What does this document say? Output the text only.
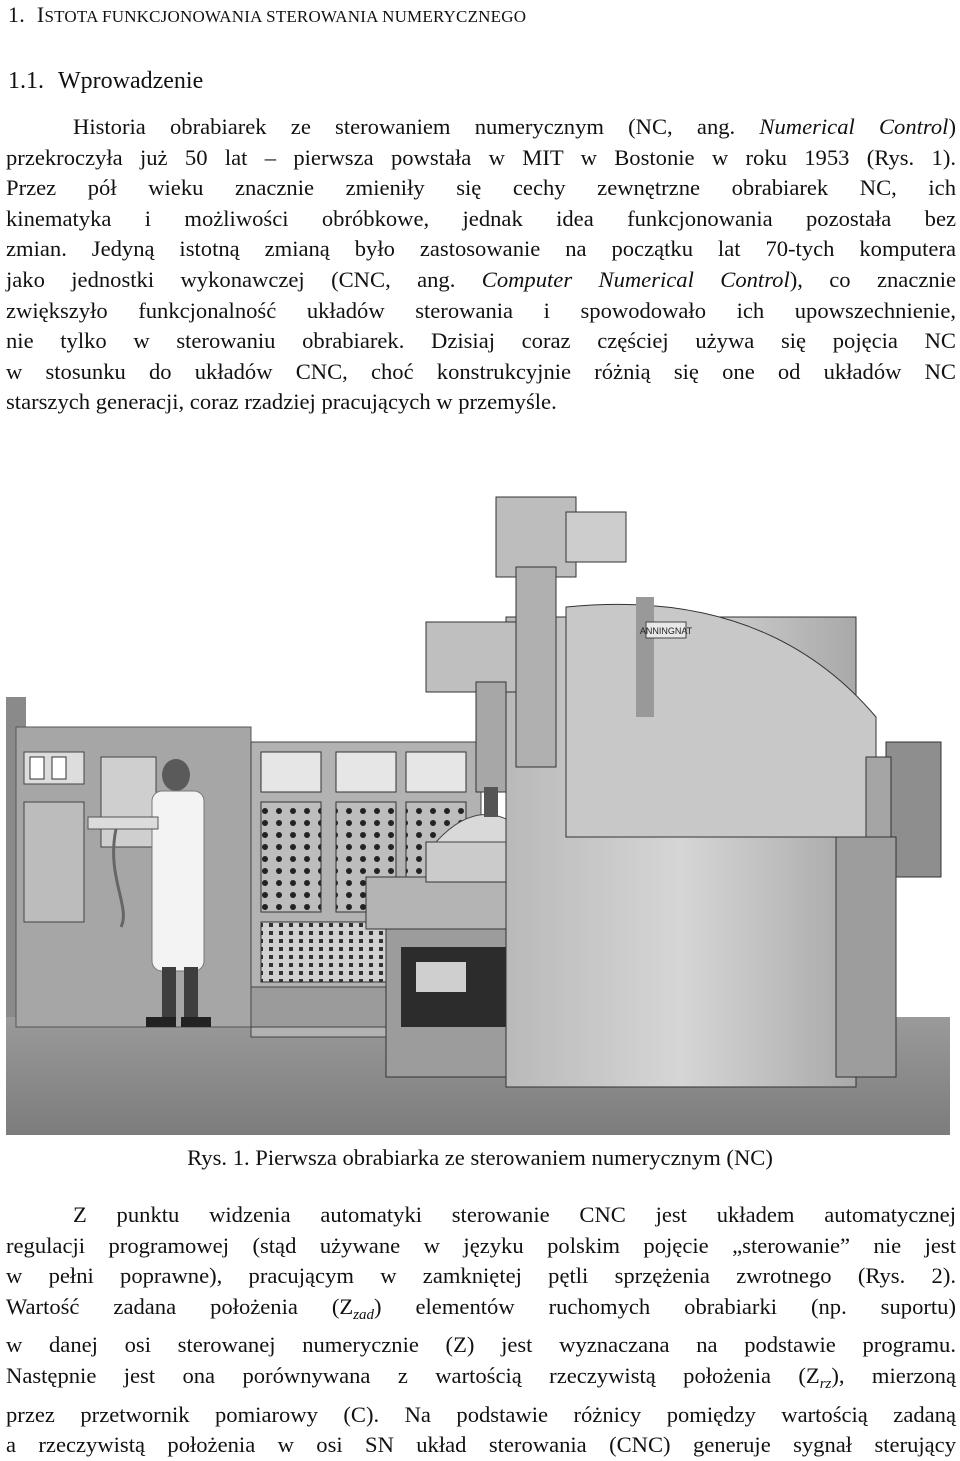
1. ISTOTA FUNKCJONOWANIA STEROWANIA NUMERYCZNEGO
1.1. Wprowadzenie
Historia obrabiarek ze sterowaniem numerycznym (NC, ang. Numerical Control)
przekroczyła już 50 lat – pierwsza powstała w MIT w Bostonie w roku 1953 (Rys. 1).
Przez pół wieku znacznie zmieniły się cechy zewnętrzne obrabiarek NC, ich
kinematyka i możliwości obróbkowe, jednak idea funkcjonowania pozostała bez
zmian. Jedyną istotną zmianą było zastosowanie na początku lat 70-tych komputera
jako jednostki wykonawczej (CNC, ang. Computer Numerical Control), co znacznie
zwiększyło funkcjonalność układów sterowania i spowodowało ich upowszechnienie,
nie tylko w sterowaniu obrabiarek. Dzisiaj coraz częściej używa się pojęcia NC
w stosunku do układów CNC, choć konstrukcyjnie różnią się one od układów NC
starszych generacji, coraz rzadziej pracujących w przemyśle.
ANNINGNAT
Rys. 1. Pierwsza obrabiarka ze sterowaniem numerycznym (NC)
Z punktu widzenia automatyki sterowanie CNC jest układem automatycznej
regulacji programowej (stąd używane w języku polskim pojęcie „sterowanie” nie jest
w pełni poprawne), pracującym w zamkniętej pętli sprzężenia zwrotnego (Rys. 2).
Wartość zadana położenia $(Z_{zad})$ elementów ruchomych obrabiarki (np. suportu)
w danej osi sterowanej numerycznie (Z) jest wyznaczana na podstawie programu.
Następnie jest ona porównywana z wartością rzeczywistą położenia $(Z_{rz})$, mierzoną
przez przetwornik pomiarowy (C). Na podstawie różnicy pomiędzy wartością zadaną
a rzeczywistą położenia w osi SN układ sterowania (CNC) generuje sygnał sterujący
